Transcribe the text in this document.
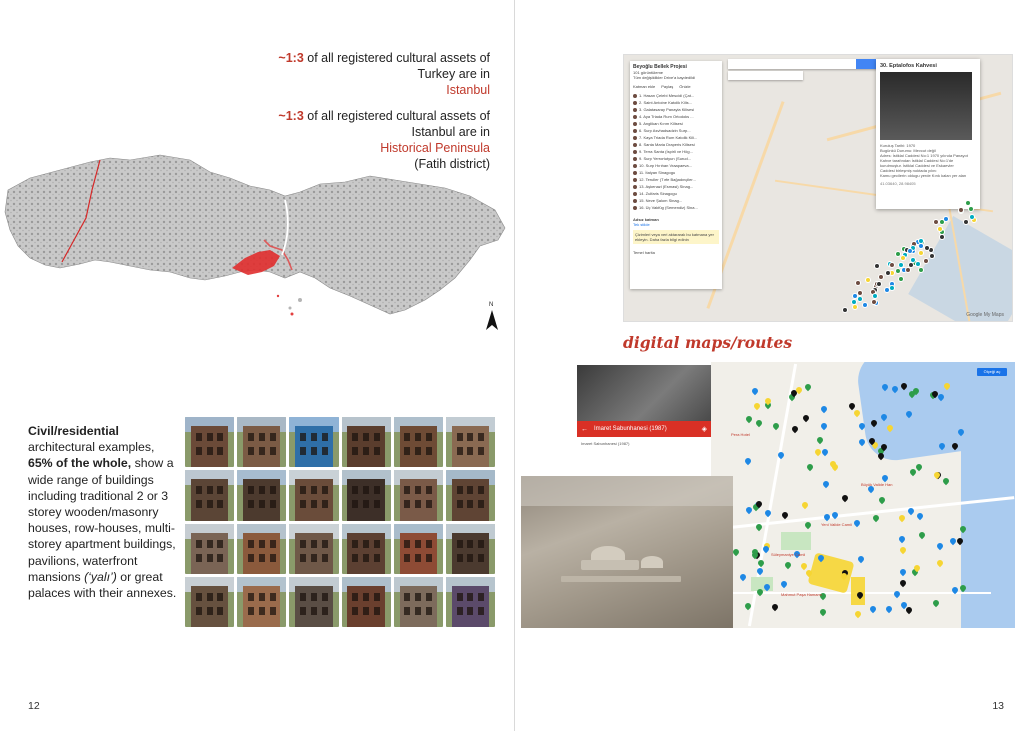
~1:3 of all registered cultural assets of
Turkey are in
Istanbul
~1:3 of all registered cultural assets of
Istanbul are in
Historical Peninsula
(Fatih district)
N
Civil/residential
architectural examples,
65% of the whole, show a wide range of buildings including traditional 2 or 3 storey wooden/masonry houses, row-houses, multi-storey apartment buildings, pavilions, waterfront mansions (‘yalı’) or great palaces with their annexes.
12
Beyoğlu Bellek Projesi
101 görüntüleme
Tüm değişiklikler Drive'a kaydedildi
Katman ekle Paylaş Önizle
1. Hasan Çelebi Mescidi (Çat...
2. Saint Antoine Katolik Kilis...
3. Galatasaray Panayia Kilisesi
4. Aya Triada Rum Ortodoks ...
5. Anglikan Kırım Kilisesi
6. Surp Asvhadsadzin Surp...
7. Kaya Triada Rum Katolik Kili...
8. Santa Maria Draperis Kilisesi
9. Terra Santa (İspirli ve Hög...
9. Surp Yerrortutyun (Surud...
10. Surp Hırıhan Vraapaeva...
11. İtalyan Sinagogu
12. Teruller (Tırfe Bağadınçiler...
13. Aşkenazi (Esmasi) Sinag...
14. Zulfaris Sinagogu
15. Neve Şalom Sinag...
16. Üç Vakfüg (Semendiz) Sina...
Adsız katman
Tek stilde
Çizimleri veya veri aktararak bu katmana yer ekleyin. Daha fazla bilgi edinin
Temel harita
30. Eptalofos Kahvesi
Kuruluş Tarihi: 1970
Bugünkü Durumu: Mevcut değil
Adres: İstiklal Caddesi No:1 1970 yılında Panayot
Kahve tarafından İstiklal Caddesi No:1'de
kurulmuştur. İstiklal Caddesi ve Eskaevler
Caddesi birleşmiş noktada yılını
Kamu gecilerin oldugu yerde Kırık kalan yer alan
41.03640, 28.98405
Google My Maps
digital maps/routes
Ölçeği aç
Büyük Valide Han
Süleymaniye Camii
Pera Hotel
Yeni Valide Camii
Mahmut Paşa Hamamı
← Imaret Sabunhanesi (1987)	◈
Imaret Sabunhanesi (1987)
13
